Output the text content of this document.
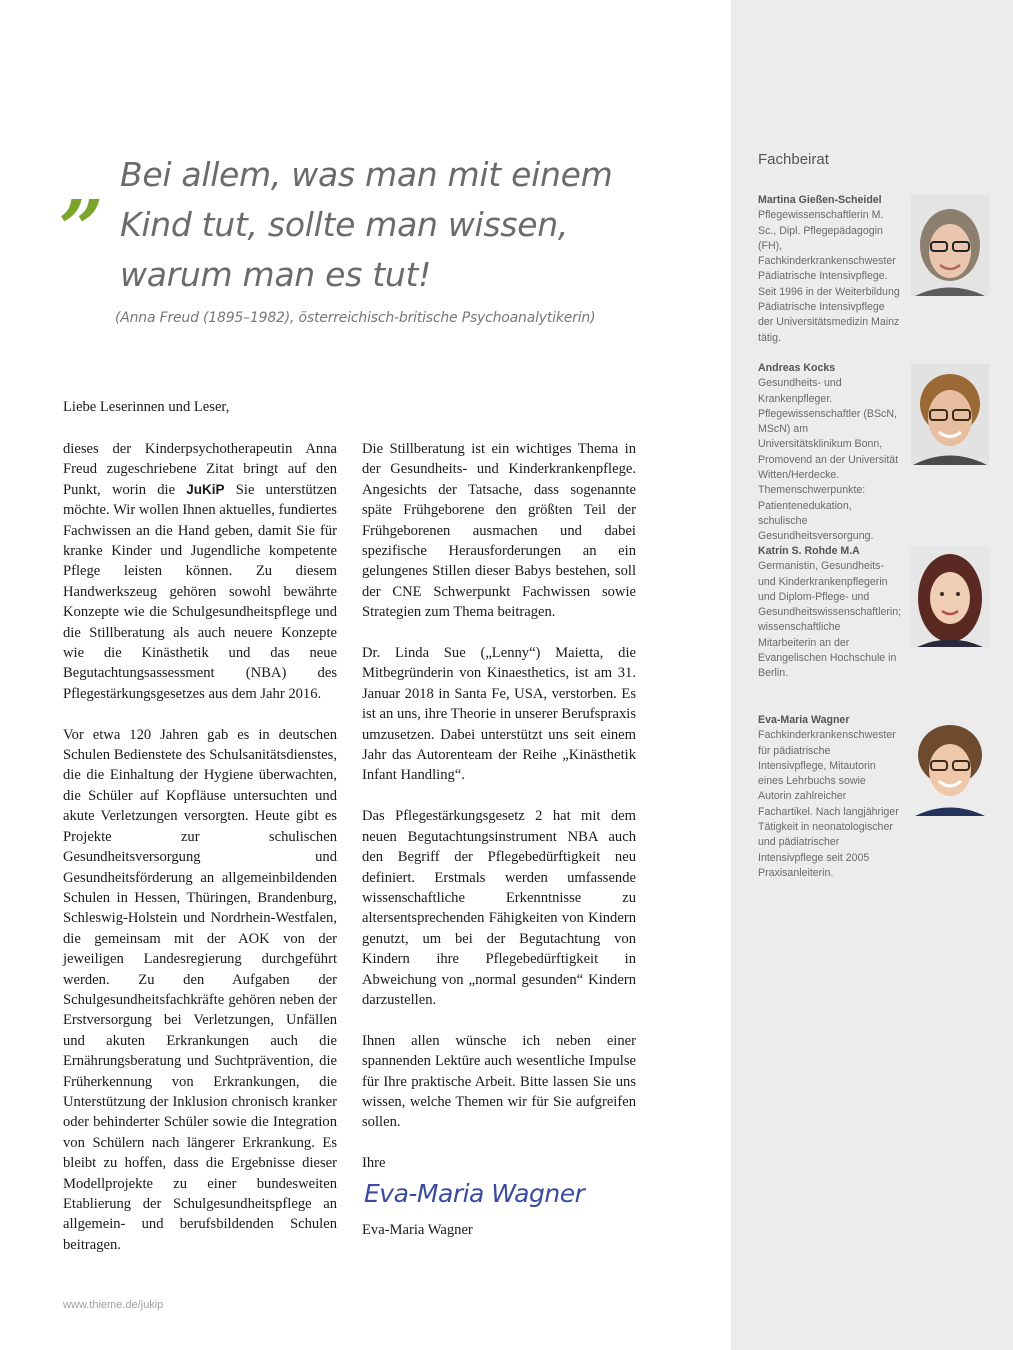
„ Bei allem, was man mit einem
Kind tut, sollte man wissen,
warum man es tut!
(Anna Freud (1895–1982), österreichisch-britische Psychoanalytikerin)
Liebe Leserinnen und Leser,

dieses der Kinderpsychotherapeutin Anna Freud zugeschriebene Zitat bringt auf den Punkt, worin die JuKiP Sie unterstützen möchte. Wir wollen Ihnen aktuelles, fundiertes Fachwissen an die Hand geben, damit Sie für kranke Kinder und Jugendliche kompetente Pflege leisten können. Zu diesem Handwerkszeug gehören sowohl bewährte Konzepte wie die Schulgesundheitspflege und die Stillberatung als auch neuere Konzepte wie die Kinästhetik und das neue Begutachtungsassessment (NBA) des Pflegestärkungsgesetzes aus dem Jahr 2016.

Vor etwa 120 Jahren gab es in deutschen Schulen Bedienstete des Schulsanitätsdienstes, die die Einhaltung der Hygiene überwachten, die Schüler auf Kopfläuse untersuchten und akute Verletzungen versorgten. Heute gibt es Projekte zur schulischen Gesundheitsversorgung und Gesundheitsförderung an allgemeinbildenden Schulen in Hessen, Thüringen, Brandenburg, Schleswig-Holstein und Nordrhein-Westfalen, die gemeinsam mit der AOK von der jeweiligen Landesregierung durchgeführt werden. Zu den Aufgaben der Schulgesundheitsfachkräfte gehören neben der Erstversorgung bei Verletzungen, Unfällen und akuten Erkrankungen auch die Ernährungsberatung und Suchtprävention, die Früherkennung von Erkrankungen, die Unterstützung der Inklusion chronisch kranker oder behinderter Schüler sowie die Integration von Schülern nach längerer Erkrankung. Es bleibt zu hoffen, dass die Ergebnisse dieser Modellprojekte zu einer bundesweiten Etablierung der Schulgesundheitspflege an allgemein- und berufsbildenden Schulen beitragen.

Die Stillberatung ist ein wichtiges Thema in der Gesundheits- und Kinderkrankenpflege. Angesichts der Tatsache, dass sogenannte späte Frühgeborene den größten Teil der Frühgeborenen ausmachen und dabei spezifische Herausforderungen an ein gelungenes Stillen dieser Babys bestehen, soll der CNE Schwerpunkt Fachwissen sowie Strategien zum Thema beitragen.

Dr. Linda Sue („Lenny“) Maietta, die Mitbegründerin von Kinaesthetics, ist am 31. Januar 2018 in Santa Fe, USA, verstorben. Es ist an uns, ihre Theorie in unserer Berufspraxis umzusetzen. Dabei unterstützt uns seit einem Jahr das Autorenteam der Reihe „Kinästhetik Infant Handling“.

Das Pflegestärkungsgesetz 2 hat mit dem neuen Begutachtungsinstrument NBA auch den Begriff der Pflegebedürftigkeit neu definiert. Erstmals werden umfassende wissenschaftliche Erkenntnisse zu altersentsprechenden Fähigkeiten von Kindern genutzt, um bei der Begutachtung von Kindern ihre Pflegebedürftigkeit in Abweichung von „normal gesunden“ Kindern darzustellen.

Ihnen allen wünsche ich neben einer spannenden Lektüre auch wesentliche Impulse für Ihre praktische Arbeit. Bitte lassen Sie uns wissen, welche Themen wir für Sie aufgreifen sollen.

Ihre

Eva-Maria Wagner

Eva-Maria Wagner

www.thieme.de/jukip
Fachbeirat
Martina Gießen-Scheidel
Pflegewissenschaftlerin M. Sc., Dipl. Pflegepädagogin (FH), Fachkinderkrankenschwester Pädiatrische Intensivpflege. Seit 1996 in der Weiterbildung Pädiatrische Intensivpflege der Universitätsmedizin Mainz tätig.
Andreas Kocks
Gesundheits- und Krankenpfleger. Pflegewissenschaftler (BScN, MScN) am Universitätsklinikum Bonn, Promovend an der Universität Witten/Herdecke. Themenschwerpunkte: Patientenedukation, schulische Gesundheitsversorgung.
Katrin S. Rohde M.A
Germanistin, Gesundheits- und Kinderkrankenpflegerin und Diplom-Pflege- und Gesundheitswissenschaftlerin; wissenschaftliche Mitarbeiterin an der Evangelischen Hochschule in Berlin.
Eva-Maria Wagner
Fachkinderkrankenschwester für pädiatrische Intensivpflege, Mitautorin eines Lehrbuchs sowie Autorin zahlreicher Fachartikel. Nach langjähriger Tätigkeit in neonatologischer und pädiatrischer Intensivpflege seit 2005 Praxisanleiterin.
